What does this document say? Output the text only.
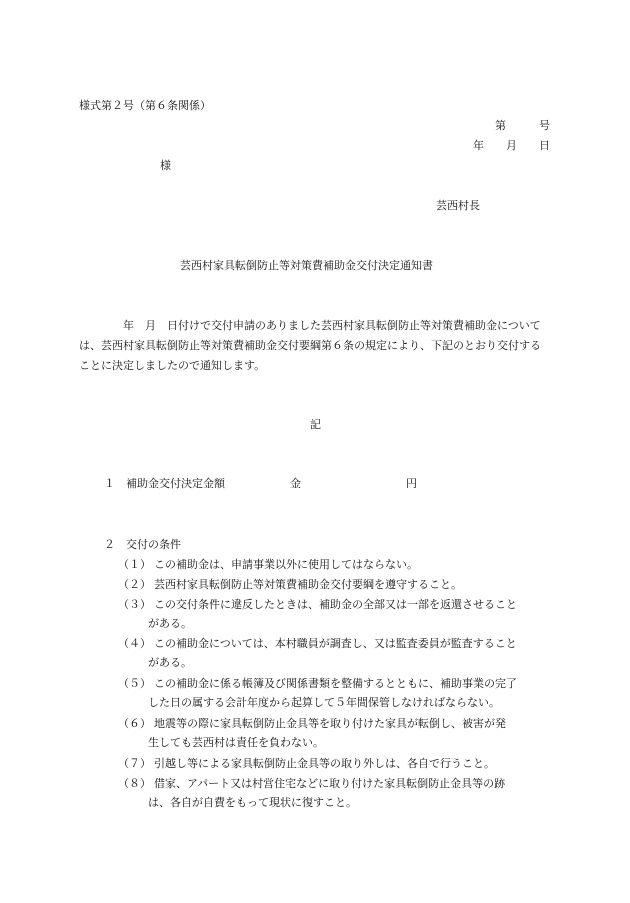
様式第２号（第６条関係）
第　　　号
年　　月　　日
様
芸西村長
芸西村家具転倒防止等対策費補助金交付決定通知書
年　月　日付けで交付申請のありました芸西村家具転倒防止等対策費補助金については、芸西村家具転倒防止等対策費補助金交付要綱第６条の規定により、下記のとおり交付することに決定しましたので通知します。
記
１　補助金交付決定金額	金	円
２　交付の条件
（１） この補助金は、申請事業以外に使用してはならない。
（２） 芸西村家具転倒防止等対策費補助金交付要綱を遵守すること。
（３） この交付条件に違反したときは、補助金の全部又は一部を返還させること
がある。
（４） この補助金については、本村職員が調査し、又は監査委員が監査すること
がある。
（５） この補助金に係る帳簿及び関係書類を整備するとともに、補助事業の完了
した日の属する会計年度から起算して５年間保管しなければならない。
（６） 地震等の際に家具転倒防止金具等を取り付けた家具が転倒し、被害が発
生しても芸西村は責任を負わない。
（７） 引越し等による家具転倒防止金具等の取り外しは、各自で行うこと。
（８） 借家、アパート又は村営住宅などに取り付けた家具転倒防止金具等の跡
は、各自が自費をもって現状に復すこと。
